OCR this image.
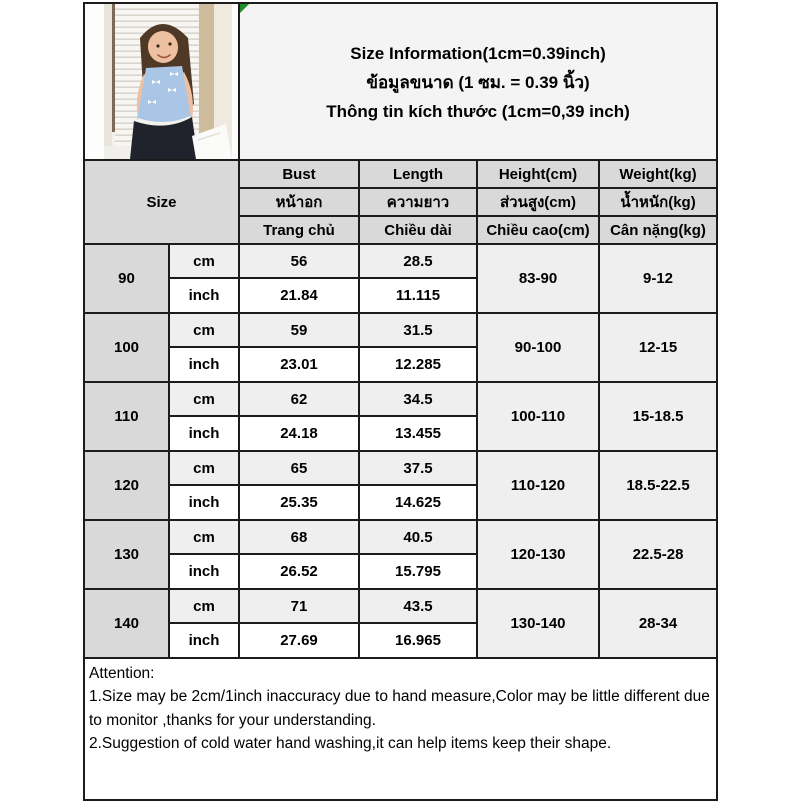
Size Information(1cm=0.39inch)
ข้อมูลขนาด (1 ซม. = 0.39 นิ้ว)
Thông tin kích thước (1cm=0,39 inch)			

Size		Bust	Length	Height(cm)	Weight(kg)
		หน้าอก	ความยาว	ส่วนสูง(cm)	น้ำหนัก(kg)
		Trang chủ	Chiều dài	Chiều cao(cm)	Cân nặng(kg)
90	cm	56	28.5	83-90	9-12
	inch	21.84	11.115		
100	cm	59	31.5	90-100	12-15
	inch	23.01	12.285		
110	cm	62	34.5	100-110	15-18.5
	inch	24.18	13.455		
120	cm	65	37.5	110-120	18.5-22.5
	inch	25.35	14.625		
130	cm	68	40.5	120-130	22.5-28
	inch	26.52	15.795		
140	cm	71	43.5	130-140	28-34
	inch	27.69	16.965		

Attention:
1.Size may be 2cm/1inch inaccuracy due to hand measure,Color may be little different due to monitor ,thanks for your understanding.
2.Suggestion of cold water hand washing,it can help items keep their shape.					
